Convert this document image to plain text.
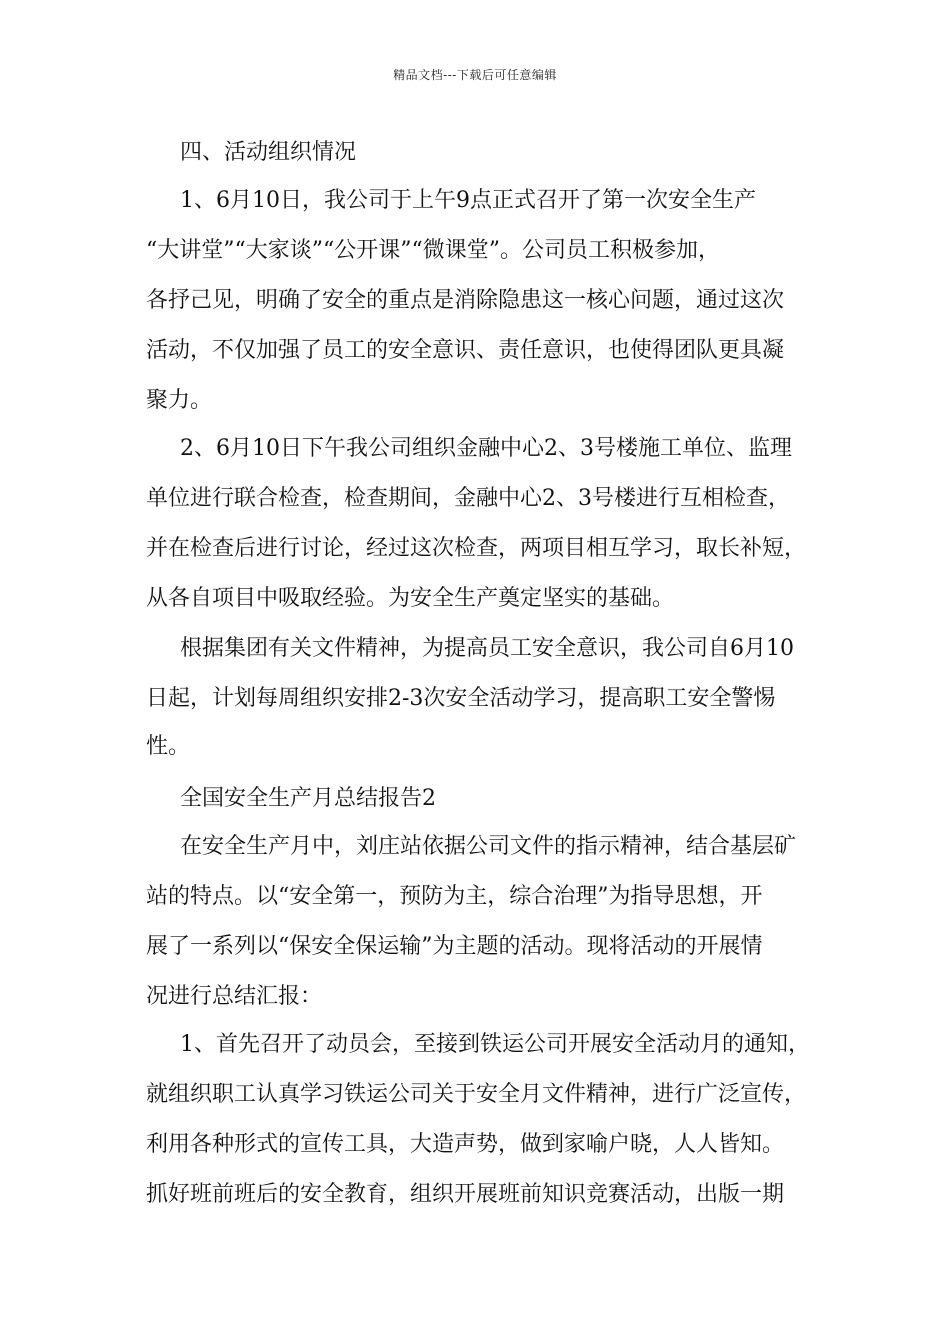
精品文档---下载后可任意编辑
四、活动组织情况
1、6月10日，我公司于上午9点正式召开了第一次安全生产
“大讲堂”“大家谈”“公开课”“微课堂”。公司员工积极参加，
各抒己见，明确了安全的重点是消除隐患这一核心问题，通过这次
活动，不仅加强了员工的安全意识、责任意识，也使得团队更具凝
聚力。
2、6月10日下午我公司组织金融中心2、3号楼施工单位、监理
单位进行联合检查，检查期间，金融中心2、3号楼进行互相检查，
并在检查后进行讨论，经过这次检查，两项目相互学习，取长补短，
从各自项目中吸取经验。为安全生产奠定坚实的基础。
根据集团有关文件精神，为提高员工安全意识，我公司自6月10
日起，计划每周组织安排2-3次安全活动学习，提高职工安全警惕
性。
全国安全生产月总结报告2
在安全生产月中，刘庄站依据公司文件的指示精神，结合基层矿
站的特点。以“安全第一，预防为主，综合治理”为指导思想，开
展了一系列以“保安全保运输”为主题的活动。现将活动的开展情
况进行总结汇报：
1、首先召开了动员会，至接到铁运公司开展安全活动月的通知，
就组织职工认真学习铁运公司关于安全月文件精神，进行广泛宣传，
利用各种形式的宣传工具，大造声势，做到家喻户晓，人人皆知。
抓好班前班后的安全教育，组织开展班前知识竞赛活动，出版一期
